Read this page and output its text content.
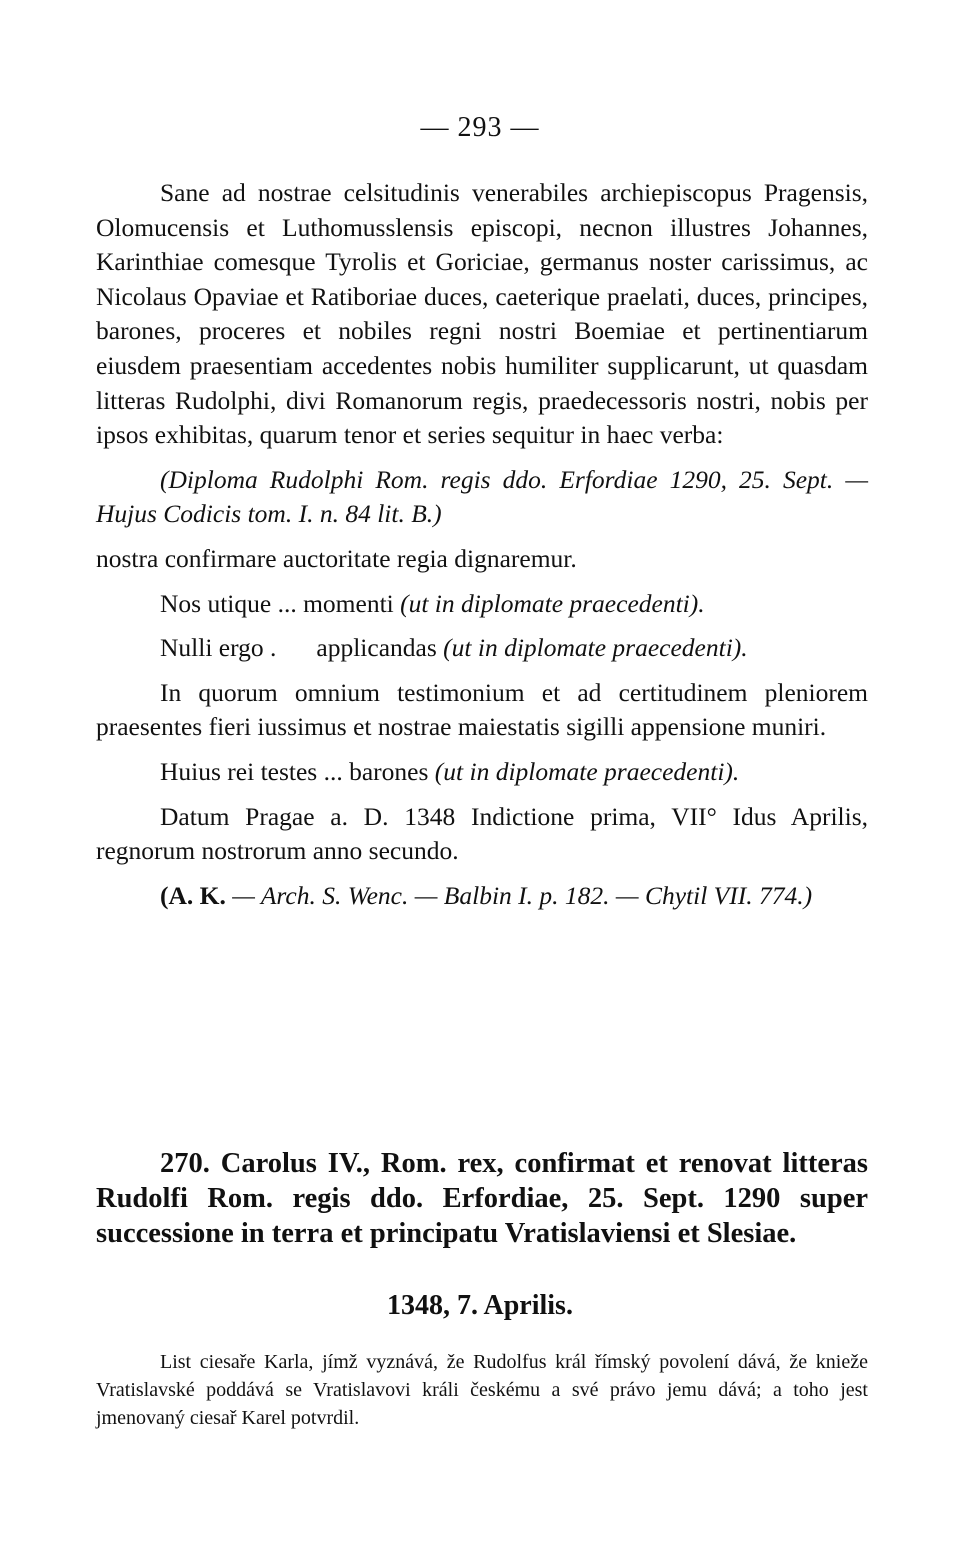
— 293 —

Sane ad nostrae celsitudinis venerabiles archiepiscopus Pragensis, Olomucensis et Luthomusslensis episcopi, necnon illustres Johannes, Karinthiae comesque Tyrolis et Goriciae, germanus noster carissimus, ac Nicolaus Opaviae et Ratiboriae duces, caeterique praelati, duces, principes, barones, proceres et nobiles regni nostri Boemiae et pertinentiarum eiusdem praesentiam accedentes nobis humiliter supplicarunt, ut quasdam litteras Rudolphi, divi Romanorum regis, praedecessoris nostri, nobis per ipsos exhibitas, quarum tenor et series sequitur in haec verba:

(Diploma Rudolphi Rom. regis ddo. Erfordiae 1290, 25. Sept. — Hujus Codicis tom. I. n. 84 lit. B.)

nostra confirmare auctoritate regia dignaremur.

Nos utique ... momenti (ut in diplomate praecedenti).

Nulli ergo . applicandas (ut in diplomate praecedenti).

In quorum omnium testimonium et ad certitudinem pleniorem praesentes fieri iussimus et nostrae maiestatis sigilli appensione muniri.

Huius rei testes ... barones (ut in diplomate praecedenti).

Datum Pragae a. D. 1348 Indictione prima, VII° Idus Aprilis, regnorum nostrorum anno secundo.

(A. K. — Arch. S. Wenc. — Balbin I. p. 182. — Chytil VII. 774.)

270. Carolus IV., Rom. rex, confirmat et renovat litteras Rudolfi Rom. regis ddo. Erfordiae, 25. Sept. 1290 super successione in terra et principatu Vratislaviensi et Slesiae.

1348, 7. Aprilis.

List ciesaře Karla, jímž vyznává, že Rudolfus král římský povolení dává, že knieže Vratislavské poddává se Vratislavovi králi českému a své právo jemu dává; a toho jest jmenovaný ciesař Karel potvrdil.
